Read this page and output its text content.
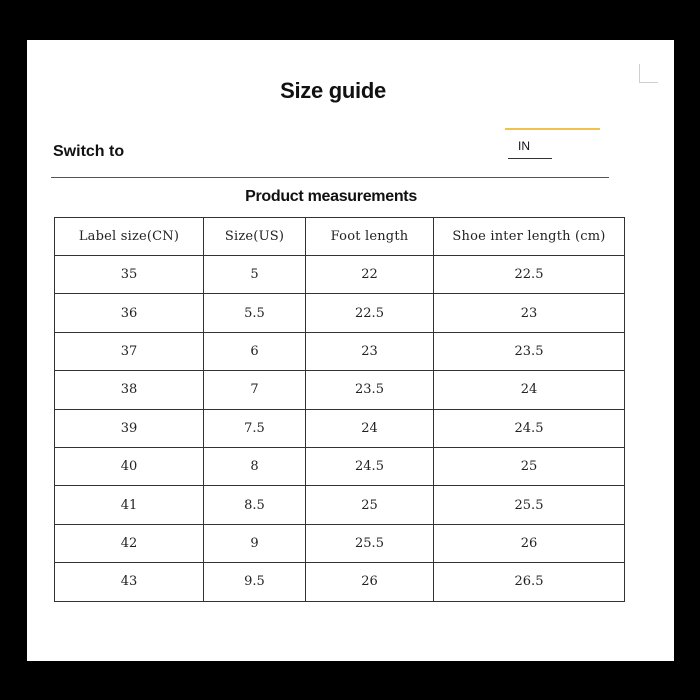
Size guide
Switch to	IN
Product measurements
Label size(CN)	Size(US)	Foot length	Shoe inter length (cm)
35	5	22	22.5
36	5.5	22.5	23
37	6	23	23.5
38	7	23.5	24
39	7.5	24	24.5
40	8	24.5	25
41	8.5	25	25.5
42	9	25.5	26
43	9.5	26	26.5
